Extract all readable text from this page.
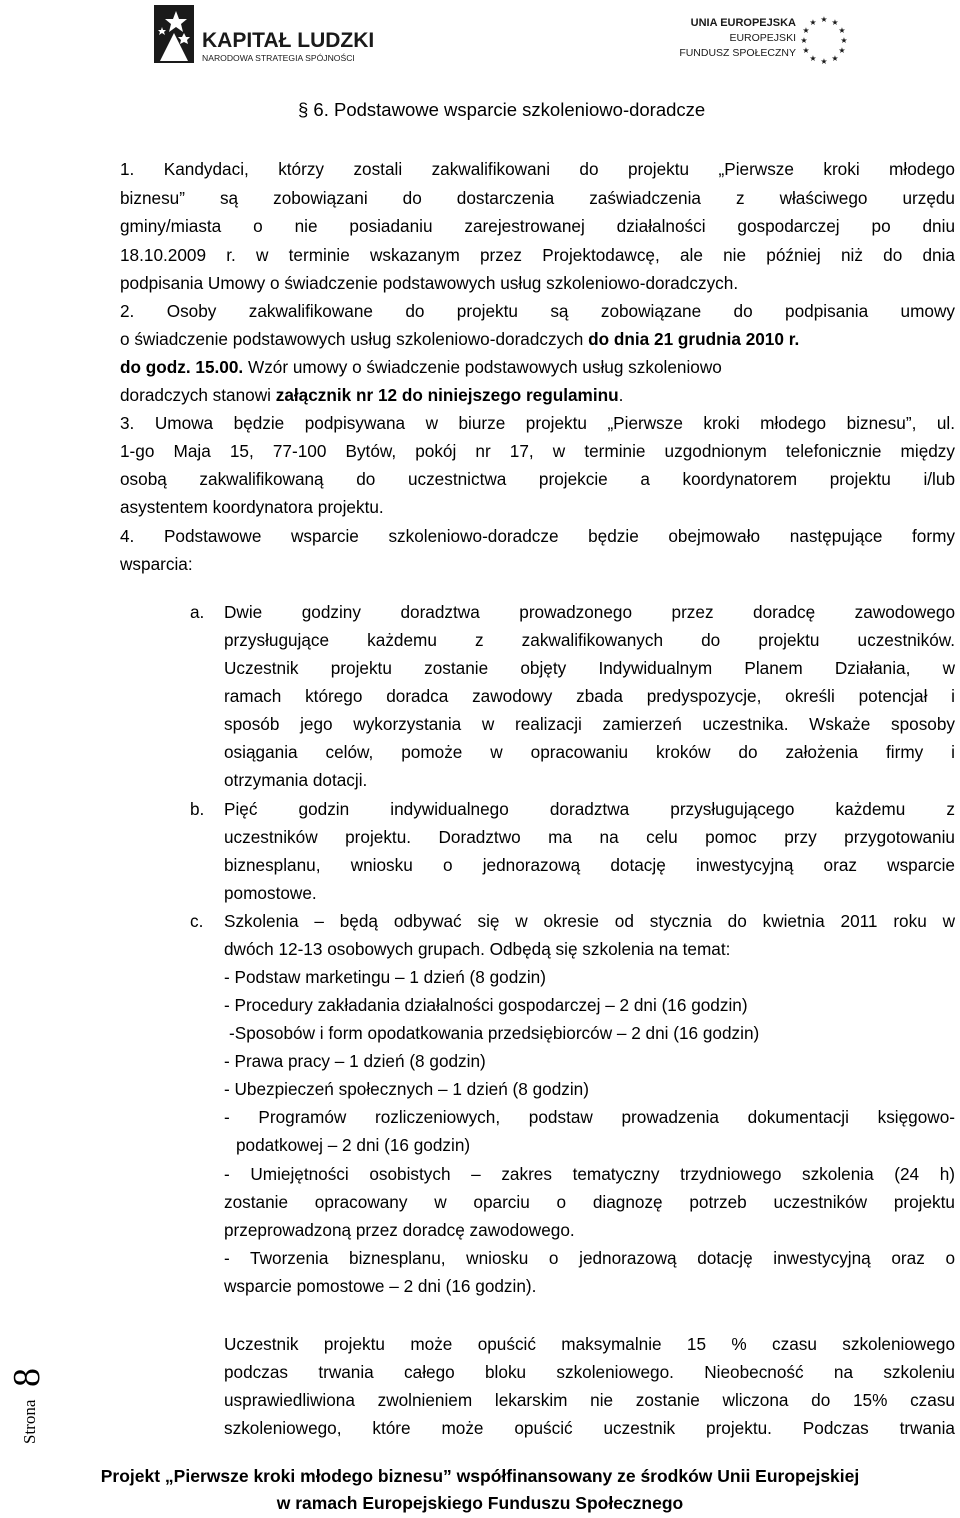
KAPITAŁ LUDZKI
NARODOWA STRATEGIA SPÓJNOŚCI
UNIA EUROPEJSKA
EUROPEJSKI
FUNDUSZ SPOŁECZNY
★ ★
★
★
★
★
★
★
★
★
★
★
§ 6. Podstawowe wsparcie szkoleniowo-doradcze
1. Kandydaci, którzy zostali zakwalifikowani do projektu „Pierwsze kroki młodego
biznesu” są zobowiązani do dostarczenia zaświadczenia z właściwego urzędu
gminy/miasta o nie posiadaniu zarejestrowanej działalności gospodarczej po dniu
18.10.2009 r. w terminie wskazanym przez Projektodawcę, ale nie później niż do dnia
podpisania Umowy o świadczenie podstawowych usług szkoleniowo-doradczych.
2. Osoby zakwalifikowane do projektu są zobowiązane do podpisania umowy
o świadczenie podstawowych usług szkoleniowo-doradczych do dnia 21 grudnia 2010 r.
do godz. 15.00. Wzór umowy o świadczenie podstawowych usług szkoleniowo
doradczych stanowi załącznik nr 12 do niniejszego regulaminu.
3. Umowa będzie podpisywana w biurze projektu „Pierwsze kroki młodego biznesu”, ul.
1-go Maja 15, 77-100 Bytów, pokój nr 17, w terminie uzgodnionym telefonicznie między
osobą zakwalifikowaną do uczestnictwa projekcie a koordynatorem projektu i/lub
asystentem koordynatora projektu.
4. Podstawowe wsparcie szkoleniowo-doradcze będzie obejmowało następujące formy
wsparcia:
a. Dwie godziny doradztwa prowadzonego przez doradcę zawodowego
przysługujące każdemu z zakwalifikowanych do projektu uczestników.
Uczestnik projektu zostanie objęty Indywidualnym Planem Działania, w
ramach którego doradca zawodowy zbada predyspozycje, określi potencjał i
sposób jego wykorzystania w realizacji zamierzeń uczestnika. Wskaże sposoby
osiągania celów, pomoże w opracowaniu kroków do założenia firmy i
otrzymania dotacji.
b. Pięć godzin indywidualnego doradztwa przysługującego każdemu z
uczestników projektu. Doradztwo ma na celu pomoc przy przygotowaniu
biznesplanu, wniosku o jednorazową dotację inwestycyjną oraz wsparcie
pomostowe.
c. Szkolenia – będą odbywać się w okresie od stycznia do kwietnia 2011 roku w
dwóch 12-13 osobowych grupach. Odbędą się szkolenia na temat:
- Podstaw marketingu – 1 dzień (8 godzin)
- Procedury zakładania działalności gospodarczej – 2 dni (16 godzin)
-Sposobów i form opodatkowania przedsiębiorców – 2 dni (16 godzin)
- Prawa pracy – 1 dzień (8 godzin)
- Ubezpieczeń społecznych – 1 dzień (8 godzin)
- Programów rozliczeniowych, podstaw prowadzenia dokumentacji księgowo-
podatkowej – 2 dni (16 godzin)
- Umiejętności osobistych – zakres tematyczny trzydniowego szkolenia (24 h)
zostanie opracowany w oparciu o diagnozę potrzeb uczestników projektu
przeprowadzoną przez doradcę zawodowego.
- Tworzenia biznesplanu, wniosku o jednorazową dotację inwestycyjną oraz o
wsparcie pomostowe – 2 dni (16 godzin).
Uczestnik projektu może opuścić maksymalnie 15 % czasu szkoleniowego
podczas trwania całego bloku szkoleniowego. Nieobecność na szkoleniu
usprawiedliwiona zwolnieniem lekarskim nie zostanie wliczona do 15% czasu
szkoleniowego, które może opuścić uczestnik projektu. Podczas trwania
Strona
8
Projekt „Pierwsze kroki młodego biznesu” współfinansowany ze środków Unii Europejskiej
w ramach Europejskiego Funduszu Społecznego
